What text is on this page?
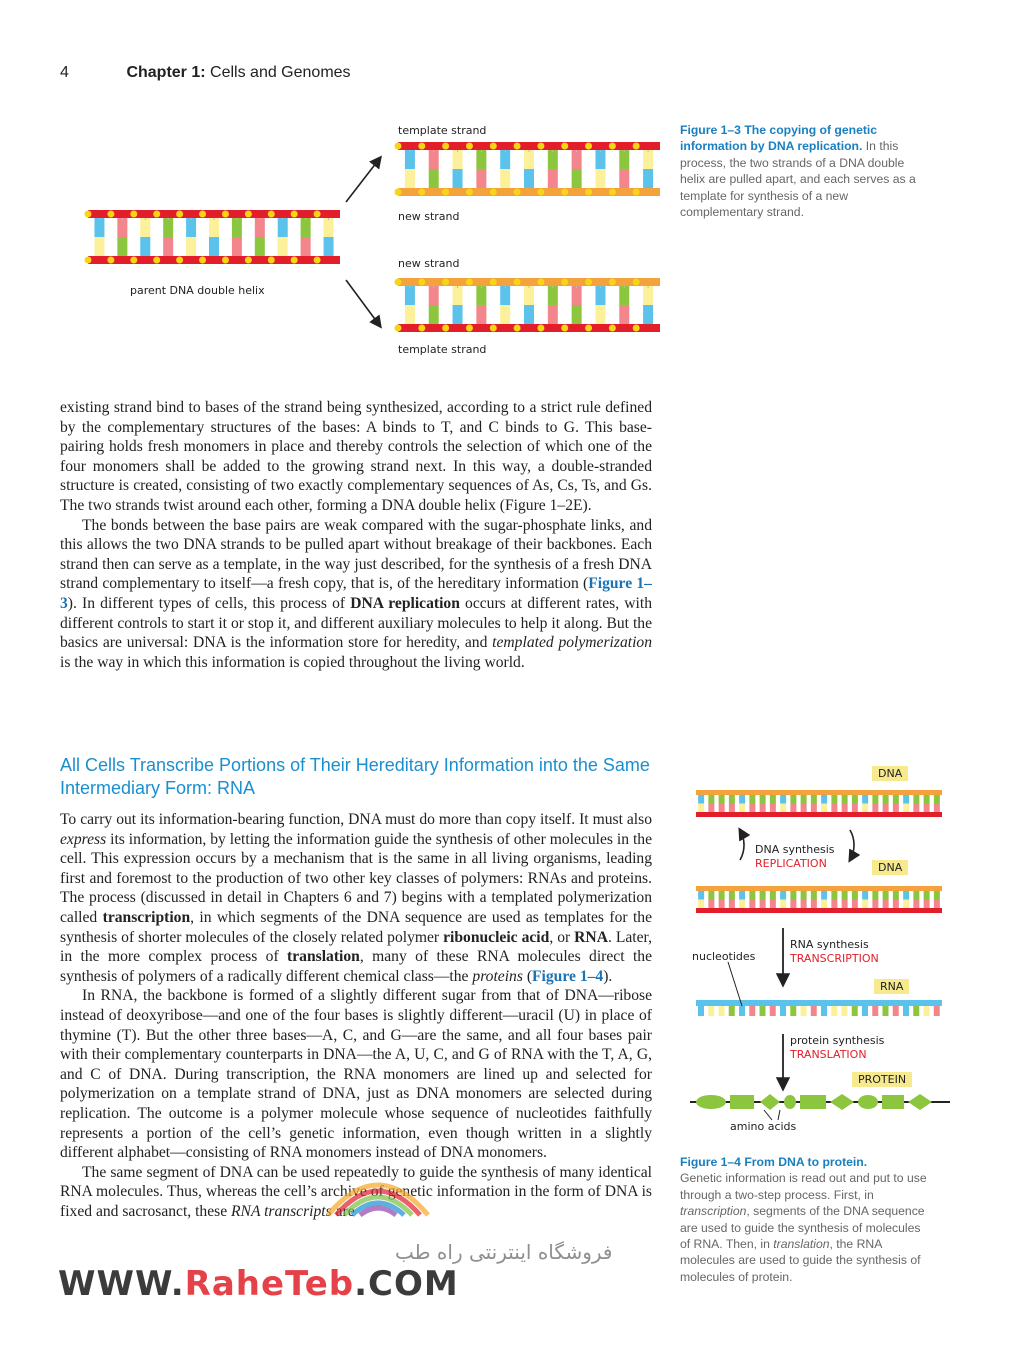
4	Chapter 1: Cells and Genomes
template strand
new strand
new strand
template strand
parent DNA double helix
Figure 1–3 The copying of genetic information by DNA replication. In this process, the two strands of a DNA double helix are pulled apart, and each serves as a template for synthesis of a new complementary strand.

existing strand bind to bases of the strand being synthesized, according to a strict rule defined by the complementary structures of the bases: A binds to T, and C binds to G. This base-pairing holds fresh monomers in place and thereby controls the selection of which one of the four monomers shall be added to the growing strand next. In this way, a double-stranded structure is created, consisting of two exactly complementary sequences of As, Cs, Ts, and Gs. The two strands twist around each other, forming a DNA double helix (Figure 1–2E).

The bonds between the base pairs are weak compared with the sugar-phosphate links, and this allows the two DNA strands to be pulled apart without breakage of their backbones. Each strand then can serve as a template, in the way just described, for the synthesis of a fresh DNA strand complementary to itself—a fresh copy, that is, of the hereditary information (Figure 1–3). In different types of cells, this process of DNA replication occurs at different rates, with different controls to start it or stop it, and different auxiliary molecules to help it along. But the basics are universal: DNA is the information store for heredity, and templated polymerization is the way in which this information is copied throughout the living world.

All Cells Transcribe Portions of Their Hereditary Information into the Same Intermediary Form: RNA

To carry out its information-bearing function, DNA must do more than copy itself. It must also express its information, by letting the information guide the synthesis of other molecules in the cell. This expression occurs by a mechanism that is the same in all living organisms, leading first and foremost to the production of two other key classes of polymers: RNAs and proteins. The process (discussed in detail in Chapters 6 and 7) begins with a templated polymerization called transcription, in which segments of the DNA sequence are used as templates for the synthesis of shorter molecules of the closely related polymer ribonucleic acid, or RNA. Later, in the more complex process of translation, many of these RNA molecules direct the synthesis of polymers of a radically different chemical class—the proteins (Figure 1–4).

In RNA, the backbone is formed of a slightly different sugar from that of DNA—ribose instead of deoxyribose—and one of the four bases is slightly different—uracil (U) in place of thymine (T). But the other three bases—A, C, and G—are the same, and all four bases pair with their complementary counterparts in DNA—the A, U, C, and G of RNA with the T, A, G, and C of DNA. During transcription, the RNA monomers are lined up and selected for polymerization on a template strand of DNA, just as DNA monomers are selected during replication. The outcome is a polymer molecule whose sequence of nucleotides faithfully represents a portion of the cell’s genetic information, even though written in a slightly different alphabet—consisting of RNA monomers instead of DNA monomers.

The same segment of DNA can be used repeatedly to guide the synthesis of many identical RNA molecules. Thus, whereas the cell’s archive of genetic information in the form of DNA is fixed and sacrosanct, these RNA transcripts are

DNA
DNA
RNA
PROTEIN
DNA synthesis
REPLICATION
RNA synthesis
TRANSCRIPTION
nucleotides
protein synthesis
TRANSLATION
amino acids
Figure 1–4 From DNA to protein.
Genetic information is read out and put to use through a two-step process. First, in transcription, segments of the DNA sequence are used to guide the synthesis of molecules of RNA. Then, in translation, the RNA molecules are used to guide the synthesis of molecules of protein.
فروشگاه اینترنتی راه طب
WWW.RaheTeb.COM
